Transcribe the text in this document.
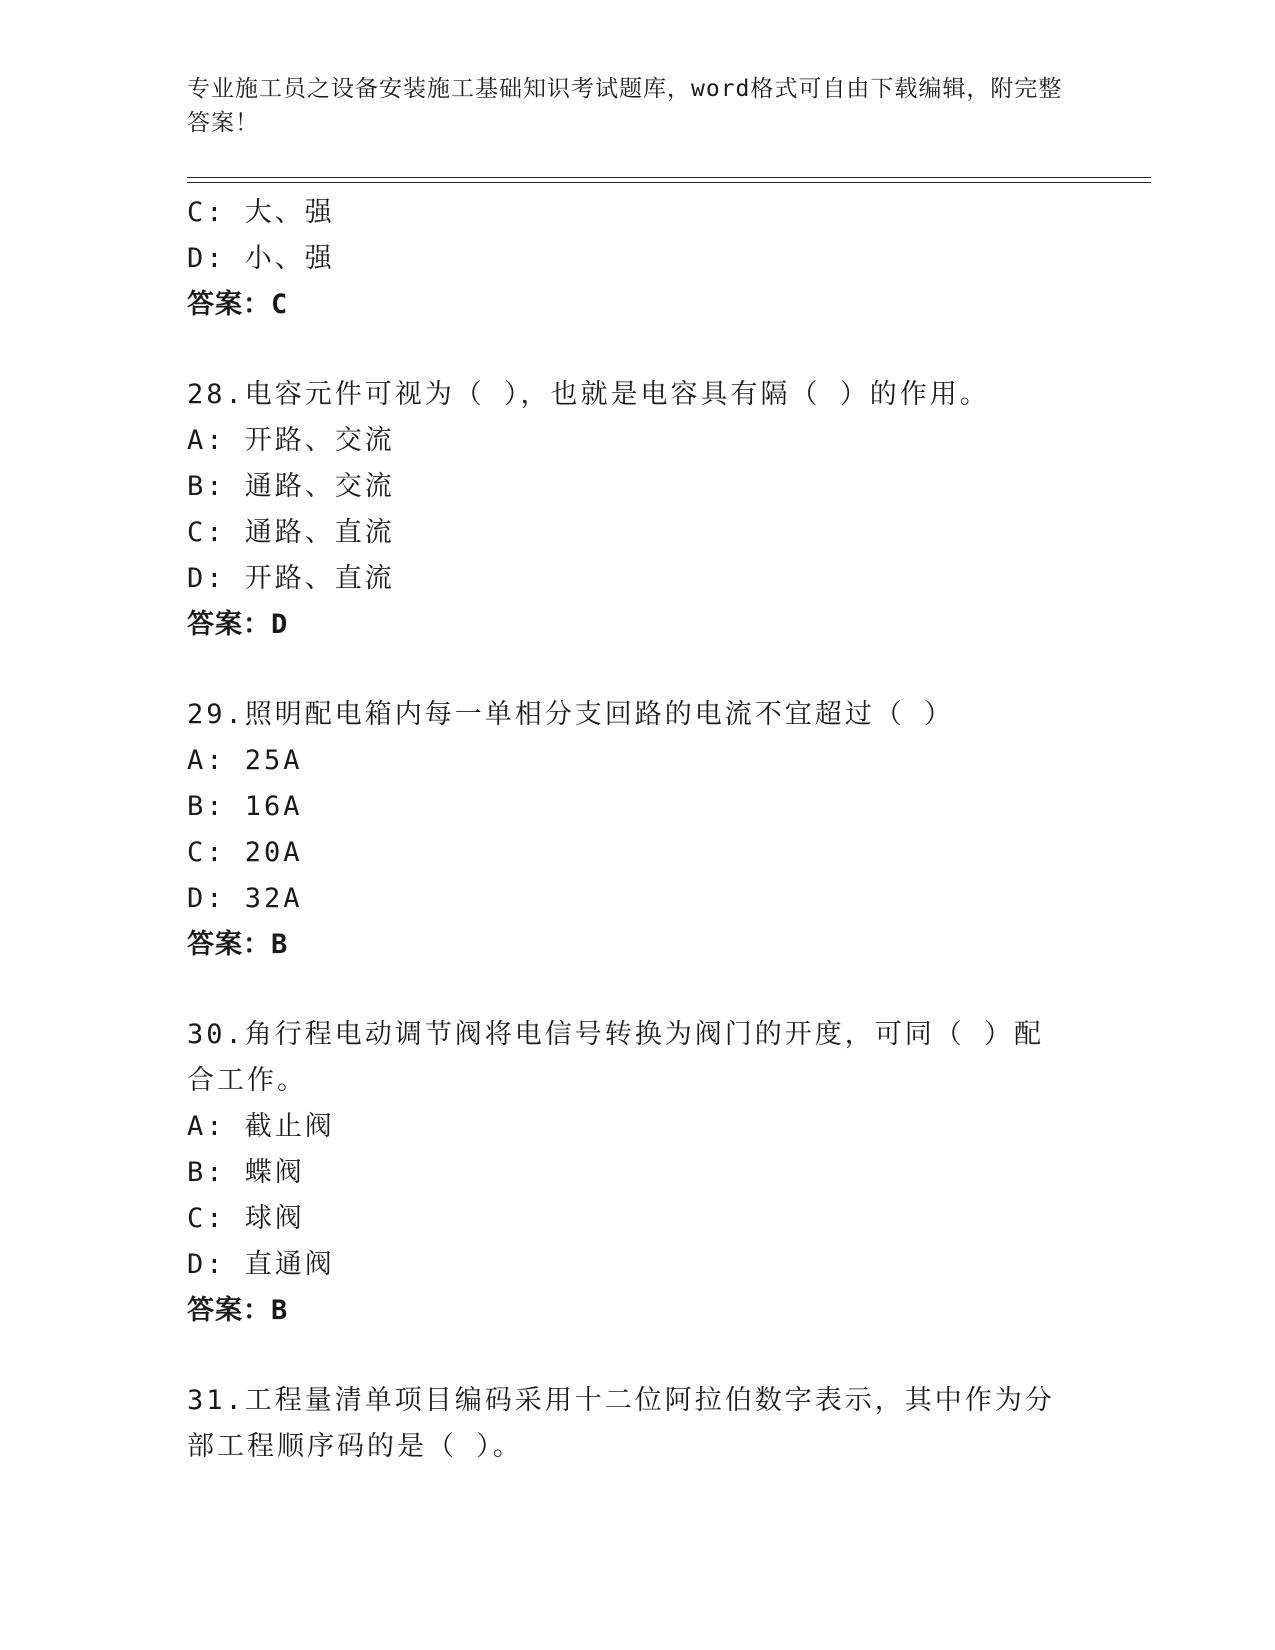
专业施工员之设备安装施工基础知识考试题库，word格式可自由下载编辑，附完整答案！
C: 大、强
D: 小、强
答案：C
28.电容元件可视为（ ），也就是电容具有隔（ ）的作用。
A: 开路、交流
B: 通路、交流
C: 通路、直流
D: 开路、直流
答案：D
29.照明配电箱内每一单相分支回路的电流不宜超过（ ）
A: 25A
B: 16A
C: 20A
D: 32A
答案：B
30.角行程电动调节阀将电信号转换为阀门的开度，可同（ ）配合工作。
A: 截止阀
B: 蝶阀
C: 球阀
D: 直通阀
答案：B
31.工程量清单项目编码采用十二位阿拉伯数字表示，其中作为分部工程顺序码的是（ ）。
